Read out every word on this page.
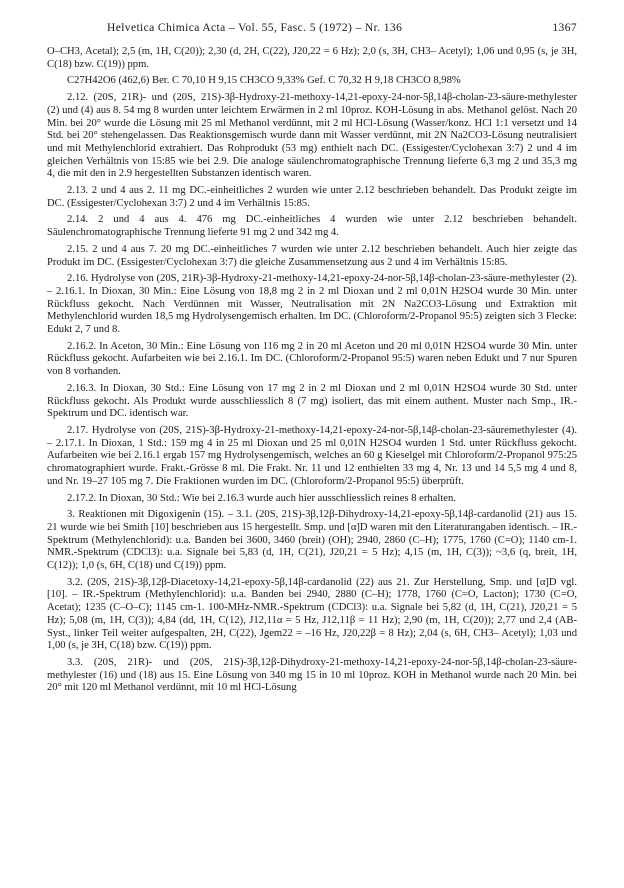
Helvetica Chimica Acta – Vol. 55, Fasc. 5 (1972) – Nr. 136	1367

O–CH3, Acetal); 2,5 (m, 1H, C(20)); 2,30 (d, 2H, C(22), J20,22 = 6 Hz); 2,0 (s, 3H, CH3– Acetyl); 1,06 und 0,95 (s, je 3H, C(18) bzw. C(19)) ppm.

C27H42O6 (462,6) Ber. C 70,10 H 9,15 CH3CO 9,33% Gef. C 70,32 H 9,18 CH3CO 8,98%

2.12. (20S, 21R)- und (20S, 21S)-3β-Hydroxy-21-methoxy-14,21-epoxy-24-nor-5β,14β-cholan-23-säure-methylester (2) und (4) aus 8. 54 mg 8 wurden unter leichtem Erwärmen in 2 ml 10proz. KOH-Lösung in abs. Methanol gelöst. Nach 20 Min. bei 20° wurde die Lösung mit 25 ml Methanol verdünnt, mit 2 ml HCl-Lösung (Wasser/konz. HCl 1:1 versetzt und 14 Std. bei 20° stehengelassen. Das Reaktionsgemisch wurde dann mit Wasser verdünnt, mit 2N Na2CO3-Lösung neutralisiert und mit Methylenchlorid extrahiert. Das Rohprodukt (53 mg) enthielt nach DC. (Essigester/Cyclohexan 3:7) 2 und 4 im gleichen Verhältnis von 15:85 wie bei 2.9. Die analoge säulenchromatographische Trennung lieferte 6,3 mg 2 und 35,3 mg 4, die mit den in 2.9 hergestellten Substanzen identisch waren.

2.13. 2 und 4 aus 2. 11 mg DC.-einheitliches 2 wurden wie unter 2.12 beschrieben behandelt. Das Produkt zeigte im DC. (Essigester/Cyclohexan 3:7) 2 und 4 im Verhältnis 15:85.

2.14. 2 und 4 aus 4. 476 mg DC.-einheitliches 4 wurden wie unter 2.12 beschrieben behandelt. Säulenchromatographische Trennung lieferte 91 mg 2 und 342 mg 4.

2.15. 2 und 4 aus 7. 20 mg DC.-einheitliches 7 wurden wie unter 2.12 beschrieben behandelt. Auch hier zeigte das Produkt im DC. (Essigester/Cyclohexan 3:7) die gleiche Zusammensetzung aus 2 und 4 im Verhältnis 15:85.

2.16. Hydrolyse von (20S, 21R)-3β-Hydroxy-21-methoxy-14,21-epoxy-24-nor-5β,14β-cholan-23-säure-methylester (2). – 2.16.1. In Dioxan, 30 Min.: Eine Lösung von 18,8 mg 2 in 2 ml Dioxan und 2 ml 0,01N H2SO4 wurde 30 Min. unter Rückfluss gekocht. Nach Verdünnen mit Wasser, Neutralisation mit 2N Na2CO3-Lösung und Extraktion mit Methylenchlorid wurden 18,5 mg Hydrolysengemisch erhalten. Im DC. (Chloroform/2-Propanol 95:5) zeigten sich 3 Flecke: Edukt 2, 7 und 8.

2.16.2. In Aceton, 30 Min.: Eine Lösung von 116 mg 2 in 20 ml Aceton und 20 ml 0,01N H2SO4 wurde 30 Min. unter Rückfluss gekocht. Aufarbeiten wie bei 2.16.1. Im DC. (Chloroform/2-Propanol 95:5) waren neben Edukt und 7 nur Spuren von 8 vorhanden.

2.16.3. In Dioxan, 30 Std.: Eine Lösung von 17 mg 2 in 2 ml Dioxan und 2 ml 0,01N H2SO4 wurde 30 Std. unter Rückfluss gekocht. Als Produkt wurde ausschliesslich 8 (7 mg) isoliert, das mit einem authent. Muster nach Smp., IR.-Spektrum und DC. identisch war.

2.17. Hydrolyse von (20S, 21S)-3β-Hydroxy-21-methoxy-14,21-epoxy-24-nor-5β,14β-cholan-23-säuremethylester (4). – 2.17.1. In Dioxan, 1 Std.: 159 mg 4 in 25 ml Dioxan und 25 ml 0,01N H2SO4 wurden 1 Std. unter Rückfluss gekocht. Aufarbeiten wie bei 2.16.1 ergab 157 mg Hydrolysengemisch, welches an 60 g Kieselgel mit Chloroform/2-Propanol 975:25 chromatographiert wurde. Frakt.-Grösse 8 ml. Die Frakt. Nr. 11 und 12 enthielten 33 mg 4, Nr. 13 und 14 5,5 mg 4 und 8, und Nr. 19–27 105 mg 7. Die Fraktionen wurden im DC. (Chloroform/2-Propanol 95:5) überprüft.

2.17.2. In Dioxan, 30 Std.: Wie bei 2.16.3 wurde auch hier ausschliesslich reines 8 erhalten.

3. Reaktionen mit Digoxigenin (15). – 3.1. (20S, 21S)-3β,12β-Dihydroxy-14,21-epoxy-5β,14β-cardanolid (21) aus 15. 21 wurde wie bei Smith [10] beschrieben aus 15 hergestellt. Smp. und [α]D waren mit den Literaturangaben identisch. – IR.-Spektrum (Methylenchlorid): u.a. Banden bei 3600, 3460 (breit) (OH); 2940, 2860 (C–H); 1775, 1760 (C=O); 1140 cm-1. NMR.-Spektrum (CDCl3): u.a. Signale bei 5,83 (d, 1H, C(21), J20,21 = 5 Hz); 4,15 (m, 1H, C(3)); ~3,6 (q, breit, 1H, C(12)); 1,0 (s, 6H, C(18) und C(19)) ppm.

3.2. (20S, 21S)-3β,12β-Diacetoxy-14,21-epoxy-5β,14β-cardanolid (22) aus 21. Zur Herstellung, Smp. und [α]D vgl. [10]. – IR.-Spektrum (Methylenchlorid): u.a. Banden bei 2940, 2880 (C–H); 1778, 1760 (C=O, Lacton); 1730 (C=O, Acetat); 1235 (C–O–C); 1145 cm-1. 100-MHz-NMR.-Spektrum (CDCl3): u.a. Signale bei 5,82 (d, 1H, C(21), J20,21 = 5 Hz); 5,08 (m, 1H, C(3)); 4,84 (dd, 1H, C(12), J12,11α = 5 Hz, J12,11β = 11 Hz); 2,90 (m, 1H, C(20)); 2,77 und 2,4 (AB-Syst., linker Teil weiter aufgespalten, 2H, C(22), Jgem22 = –16 Hz, J20,22β = 8 Hz); 2,04 (s, 6H, CH3– Acetyl); 1,03 und 1,00 (s, je 3H, C(18) bzw. C(19)) ppm.

3.3. (20S, 21R)- und (20S, 21S)-3β,12β-Dihydroxy-21-methoxy-14,21-epoxy-24-nor-5β,14β-cholan-23-säure-methylester (16) und (18) aus 15. Eine Lösung von 340 mg 15 in 10 ml 10proz. KOH in Methanol wurde nach 20 Min. bei 20° mit 120 ml Methanol verdünnt, mit 10 ml HCl-Lösung
